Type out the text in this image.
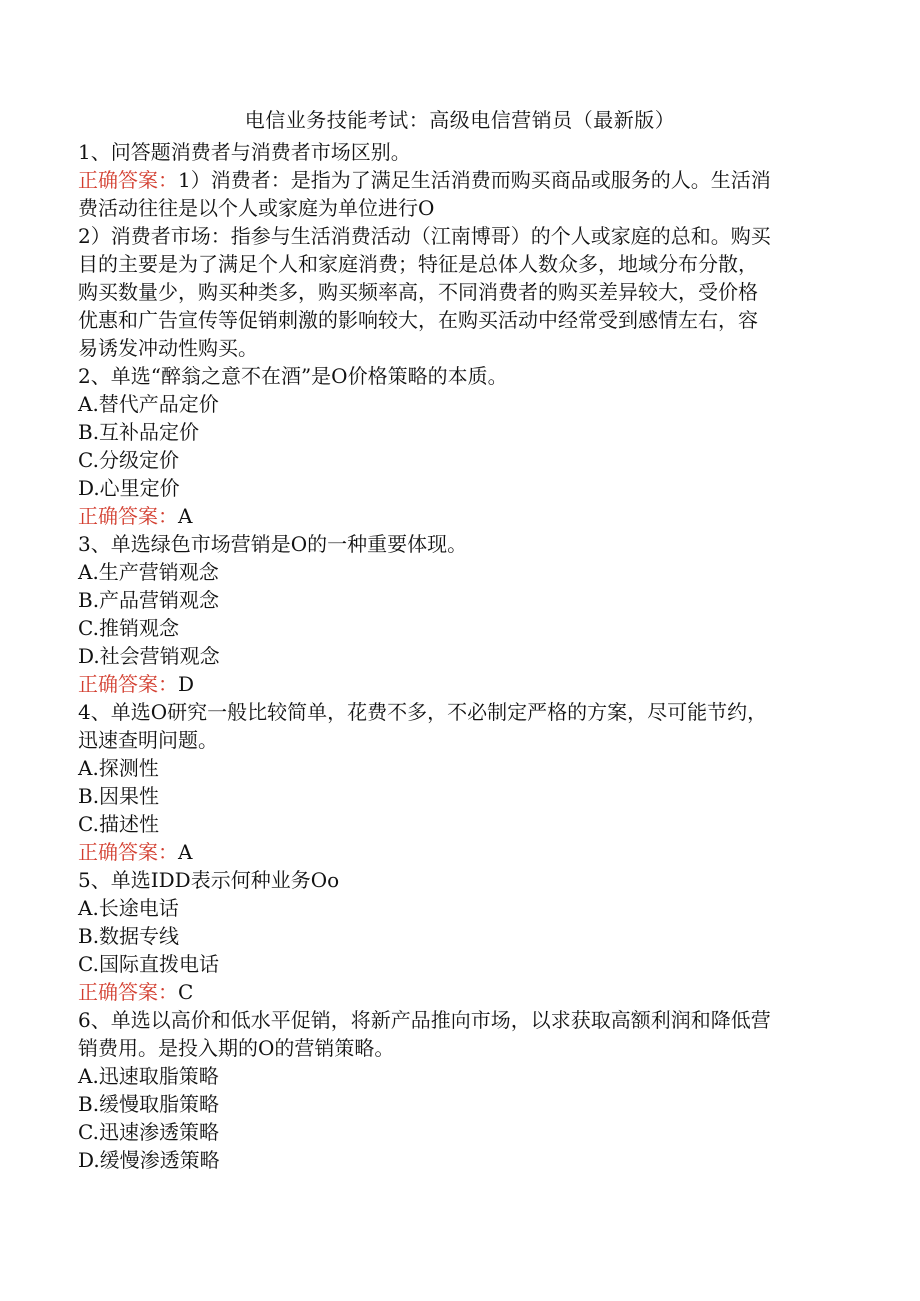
电信业务技能考试：高级电信营销员（最新版）

1、问答题消费者与消费者市场区别。

正确答案：1）消费者：是指为了满足生活消费而购买商品或服务的人。生活消
费活动往往是以个人或家庭为单位进行O

2）消费者市场：指参与生活消费活动（江南博哥）的个人或家庭的总和。购买
目的主要是为了满足个人和家庭消费；特征是总体人数众多，地域分布分散，
购买数量少，购买种类多，购买频率高，不同消费者的购买差异较大，受价格
优惠和广告宣传等促销刺激的影响较大，在购买活动中经常受到感情左右，容
易诱发冲动性购买。

2、单选“醉翁之意不在酒”是O价格策略的本质。

A.替代产品定价

B.互补品定价

C.分级定价

D.心里定价

正确答案：A

3、单选绿色市场营销是O的一种重要体现。

A.生产营销观念

B.产品营销观念

C.推销观念

D.社会营销观念

正确答案：D

4、单选O研究一般比较简单，花费不多，不必制定严格的方案，尽可能节约，
迅速查明问题。

A.探测性

B.因果性

C.描述性

正确答案：A

5、单选IDD表示何种业务Oo

A.长途电话

B.数据专线

C.国际直拨电话

正确答案：C

6、单选以高价和低水平促销，将新产品推向市场，以求获取高额利润和降低营
销费用。是投入期的O的营销策略。

A.迅速取脂策略

B.缓慢取脂策略

C.迅速渗透策略

D.缓慢渗透策略
